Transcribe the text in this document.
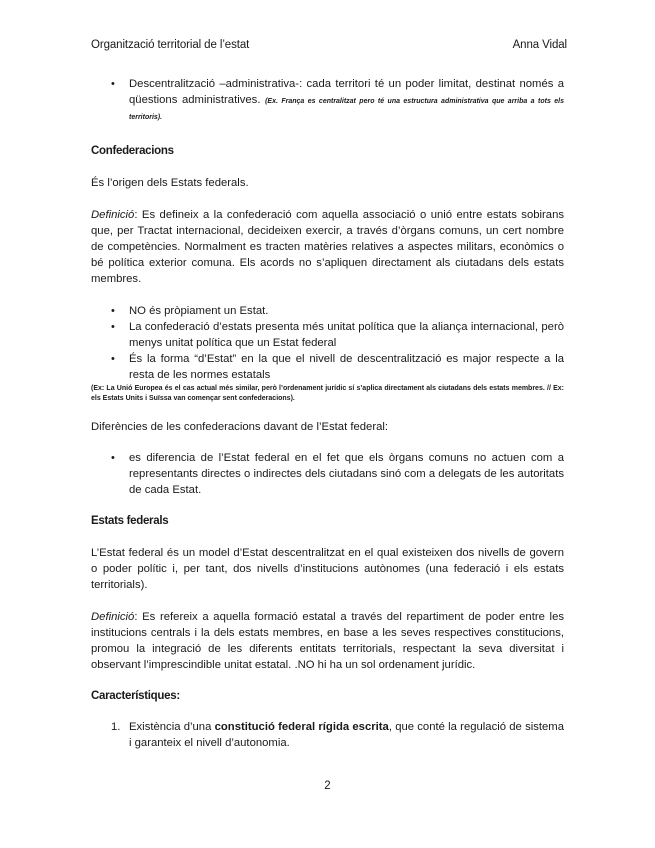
Organització territorial de l’estat	Anna Vidal
• Descentralització –administrativa-: cada territori té un poder limitat, destinat només a qüestions administratives. (Ex. França es centralitzat pero té una estructura administrativa que arriba a tots els territoris).
Confederacions

És l’origen dels Estats federals.

Definició: Es defineix a la confederació com aquella associació o unió entre estats sobirans que, per Tractat internacional, decideixen exercir, a través d’òrgans comuns, un cert nombre de competències. Normalment es tracten matèries relatives a aspectes militars, econòmics o bé política exterior comuna. Els acords no s’apliquen directament als ciutadans dels estats membres.

• NO és pròpiament un Estat.
• La confederació d’estats presenta més unitat política que la aliança internacional, però menys unitat política que un Estat federal
• És la forma “d’Estat” en la que el nivell de descentralització es major respecte a la resta de les normes estatals

(Ex: La Unió Europea és el cas actual més similar, però l’ordenament jurídic sí s’aplica directament als ciutadans dels estats membres. // Ex: els Estats Units i Suïssa van començar sent confederacions).

Diferències de les confederacions davant de l’Estat federal:

• es diferencia de l’Estat federal en el fet que els òrgans comuns no actuen com a representants directes o indirectes dels ciutadans sinó com a delegats de les autoritats de cada Estat.
Estats federals

L’Estat federal és un model d’Estat descentralitzat en el qual existeixen dos nivells de govern o poder polític i, per tant, dos nivells d’institucions autònomes (una federació i els estats territorials).

Definició: Es refereix a aquella formació estatal a través del repartiment de poder entre les institucions centrals i la dels estats membres, en base a les seves respectives constitucions, promou la integració de les diferents entitats territorials, respectant la seva diversitat i observant l’imprescindible unitat estatal. .NO hi ha un sol ordenament jurídic.

Característiques:
1. Existència d’una constitució federal rígida escrita, que conté la regulació de sistema i garanteix el nivell d’autonomia.
2
